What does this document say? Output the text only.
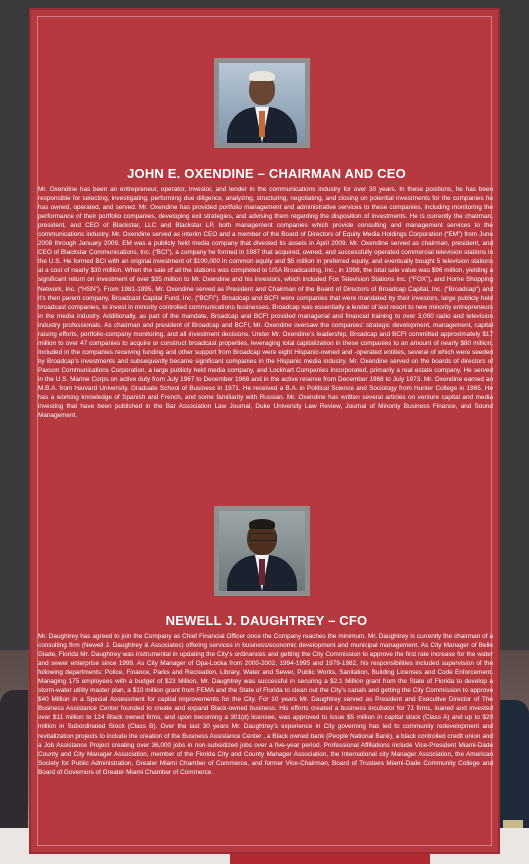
JOHN E. OXENDINE – CHAIRMAN AND CEO
Mr. Oxendine has been an entrepreneur, operator, investor, and lender in the communications industry for over 30 years. In these positions, he has been responsible for selecting, investigating, performing due diligence, analyzing, structuring, negotiating, and closing on potential investments for the companies he has owned, operated, and served. Mr. Oxendine has provided portfolio management and administrative services to these companies, including monitoring the performance of their portfolio companies, developing exit strategies, and advising them regarding the disposition of investments. He is currently the chairman, president, and CEO of Blackstar, LLC and Blackstar LP, both management companies which provide consulting and management services to the communications industry. Mr. Oxendine served as interim CEO and a member of the Board of Directors of Equity Media Holdings Corporation (“EM”) from June 2008 through January 2009. EM was a publicly held media company that divested its assets in April 2009. Mr. Oxendine served as chairman, president, and CEO of Blackstar Communications, Inc. (“BCI”), a company he formed in 1987 that acquired, owned, and successfully operated commercial television stations in the U.S. He formed BCI with an original investment of $100,000 in common equity and $5 million in preferred equity, and eventually bought 5 television stations at a cost of nearly $30 million. When the sale of all the stations was completed to USA Broadcasting, Inc., in 1998, the total sale value was $96 million, yielding a significant return on investment of over $35 million to Mr. Oxendine and his investors, which included Fox Television Stations Inc. (“FOX”), and Home Shopping Network, Inc. (“HSN”). From 1981-1995, Mr. Oxendine served as President and Chairman of the Board of Directors of Broadcap Capital, Inc. (“Broadcap”) and it’s then parent company, Broadcast Capital Fund, Inc. (“BCFI”). Broadcap and BCFI were companies that were mandated by their investors, large publicly held broadcast companies, to invest in minority controlled communications businesses. Broadcap was essentially a lender of last resort to new minority entrepreneurs in the media industry. Additionally, as part of the mandate, Broadcap and BCFI provided managerial and financial training to over 3,000 radio and television industry professionals. As chairman and president of Broadcap and BCFI, Mr. Oxendine oversaw the companies’ strategic development, management, capital raising efforts, portfolio-company monitoring, and all investment decisions. Under Mr. Oxendine’s leadership, Broadcap and BCFI committed approximately $17 million to over 47 companies to acquire or construct broadcast properties, leveraging total capitalization in these companies to an amount of nearly $80 million. Included in the companies receiving funding and other support from Broadcap were eight Hispanic-owned and -operated entities, several of which were seeded by Broadcap’s investments and subsequently became significant companies in the Hispanic media industry. Mr. Oxendine served on the boards of directors of Paxson Communications Corporation, a large publicly held media company, and Lockhart Companies Incorporated, primarily a real estate company. He served in the U.S. Marine Corps on active duty from July 1967 to December 1968 and in the active reserve from December 1968 to July 1973. Mr. Oxendine earned an M.B.A. from Harvard University, Graduate School of Business in 1971. He received a B.A. in Political Science and Sociology from Hunter College in 1965. He has a working knowledge of Spanish and French, and some familiarity with Russian. Mr. Oxendine has written several articles on venture capital and media investing that have been published in the Bar Association Law Journal, Duke University Law Review, Journal of Minority Business Finance, and Sound Management.
NEWELL J. DAUGHTREY – CFO
Mr. Daughtrey has agreed to join the Company as Chief Financial Officer once the Company reaches the minimum. Mr. Daughtrey is currently the chairman of a consulting firm (Newell J. Daughtrey & Associates) offering services in business/economic development and municipal management. As City Manager of Belle Glade, Florida Mr. Daughtrey was instrumental in updating the City’s ordinances and getting the City Commission to approve the first rate increase for the water and sewer enterprise since 1999. As City Manager of Opa-Locka from 2000-2002, 1994-1995 and 1979-1982, his responsibilities included supervision of the following departments: Police, Finance, Parks and Recreation, Library, Water and Sewer, Public Works, Sanitation, Building Licenses and Code Enforcement. Managing 175 employees with a budget of $23 Million, Mr. Daughtrey was successful in securing a $2.1 Million grant from the State of Florida to develop a storm-water utility master plan, a $10 million grant from FEMA and the State of Florida to clean out the City’s canals and getting the City Commission to approve $40 Million in a Special Assessment for capital improvements for the City. For 10 years Mr. Daughtrey served as President and Executive Director of The Business Assistance Center founded to create and expand Black-owned business. His efforts created a business incubator for 71 firms, loaned and invested over $11 million to 124 Black owned firms, and upon becoming a 301(d) licensee, was approved to issue $5 million in capital stock (Class A) and up to $20 million in Subordinated Stock (Class B). Over the last 30 years Mr. Daughtrey’s experience in City governing has led to community redevelopment and revitalization projects to include the creation of the Business Assistance Center , a Black owned bank (People National Bank), a black controlled credit union and a Job Assistance Project creating over 36,000 jobs in non-subsidized jobs over a five-year period. Professional Affiliations include Vice-President Miami-Dade County and City Manager Association, member of the Florida City and County Manager Association, the International city Manager Association, the American Society for Public Administration, Greater Miami Chamber of Commerce, and former Vice-Chairman, Board of Trustees Miami-Dade Community College and Board of Governors of Greater Miami Chamber of Commerce.
